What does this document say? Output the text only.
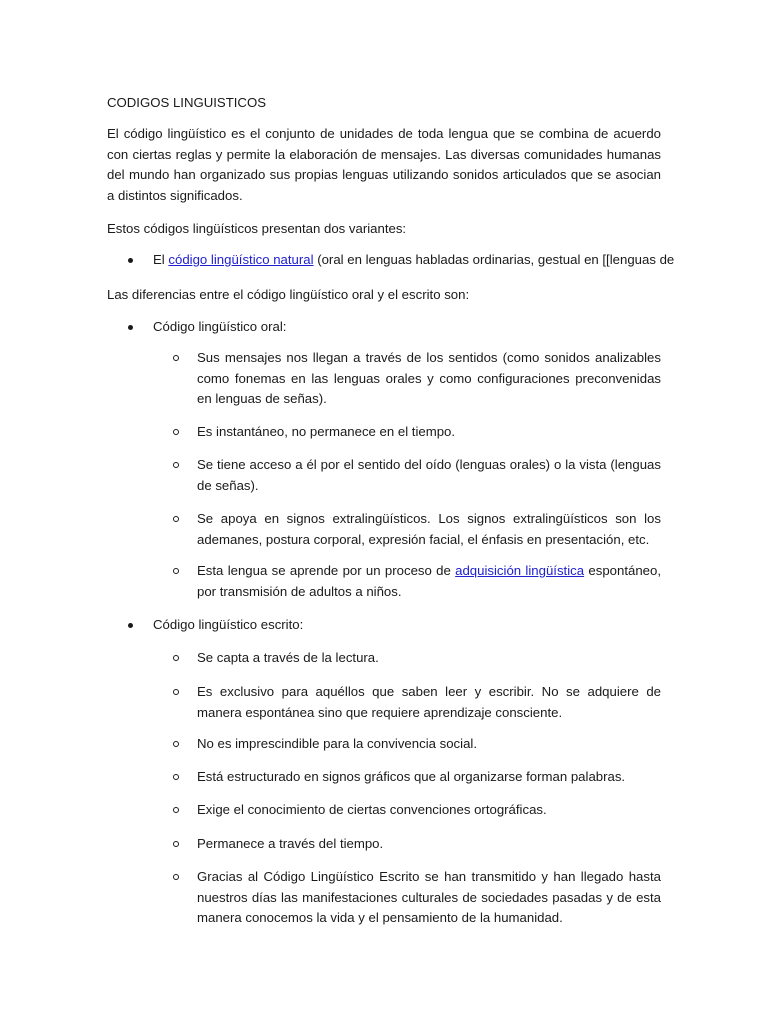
CODIGOS LINGUISTICOS
El código lingüístico es el conjunto de unidades de toda lengua que se combina de acuerdo con ciertas reglas y permite la elaboración de mensajes. Las diversas comunidades humanas del mundo han organizado sus propias lenguas utilizando sonidos articulados que se asocian a distintos significados.
Estos códigos lingüísticos presentan dos variantes:
El código lingüístico natural (oral en lenguas habladas ordinarias, gestual en [[lenguas de
Las diferencias entre el código lingüístico oral y el escrito son:
Código lingüístico oral:
Sus mensajes nos llegan a través de los sentidos (como sonidos analizables como fonemas en las lenguas orales y como configuraciones preconvenidas en lenguas de señas).
Es instantáneo, no permanece en el tiempo.
Se tiene acceso a él por el sentido del oído (lenguas orales) o la vista (lenguas de señas).
Se apoya en signos extralingüísticos. Los signos extralingüísticos son los ademanes, postura corporal, expresión facial, el énfasis en presentación, etc.
Esta lengua se aprende por un proceso de adquisición lingüística espontáneo, por transmisión de adultos a niños.
Código lingüístico escrito:
Se capta a través de la lectura.
Es exclusivo para aquéllos que saben leer y escribir. No se adquiere de manera espontánea sino que requiere aprendizaje consciente.
No es imprescindible para la convivencia social.
Está estructurado en signos gráficos que al organizarse forman palabras.
Exige el conocimiento de ciertas convenciones ortográficas.
Permanece a través del tiempo.
Gracias al Código Lingüístico Escrito se han transmitido y han llegado hasta nuestros días las manifestaciones culturales de sociedades pasadas y de esta manera conocemos la vida y el pensamiento de la humanidad.
